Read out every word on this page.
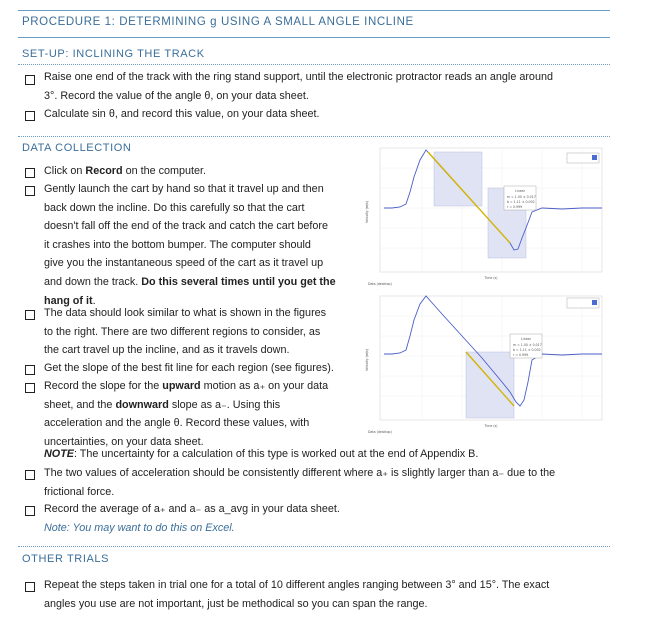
PROCEDURE 1: DETERMINING g USING A SMALL ANGLE INCLINE
SET-UP: INCLINING THE TRACK
Raise one end of the track with the ring stand support, until the electronic protractor reads an angle around
3°. Record the value of the angle θ, on your data sheet.
Calculate sin θ, and record this value, on your data sheet.
DATA COLLECTION
Click on Record on the computer.
Gently launch the cart by hand so that it travel up and then
back down the incline. Do this carefully so that the cart
doesn't fall off the end of the track and catch the cart before
it crashes into the bottom bumper. The computer should
give you the instantaneous speed of the cart as it travel up
and down the track. Do this several times until you get the
hang of it.
The data should look similar to what is shown in the figures
to the right. There are two different regions to consider, as
the cart travel up the incline, and as it travels down.
Get the slope of the best fit line for each region (see figures).
Record the slope for the upward motion as a₊ on your data
sheet, and the downward slope as a₋. Using this
acceleration and the angle θ. Record these values, with
uncertainties, on your data sheet.
NOTE: The uncertainty for a calculation of this type is worked out at the end of Appendix B.
The two values of acceleration should be consistently different where a₊ is slightly larger than a₋ due to the
frictional force.
Record the average of a₊ and a₋ as a_avg in your data sheet.
Note: You may want to do this on Excel.
OTHER TRIALS
Repeat the steps taken in trial one for a total of 10 different angles ranging between 3° and 15°. The exact
angles you use are not important, just be methodical so you can span the range.
Linear
m = 1.00 ± 0.017
b = 1.11 ± 0.002
r = 0.999
Velocity (m/s)
Time (s)
Data (desktop)
Linear
m = 1.00 ± 0.017
b = 1.11 ± 0.002
r = 0.999
Velocity (m/s)
Time (s)
Data (desktop)
